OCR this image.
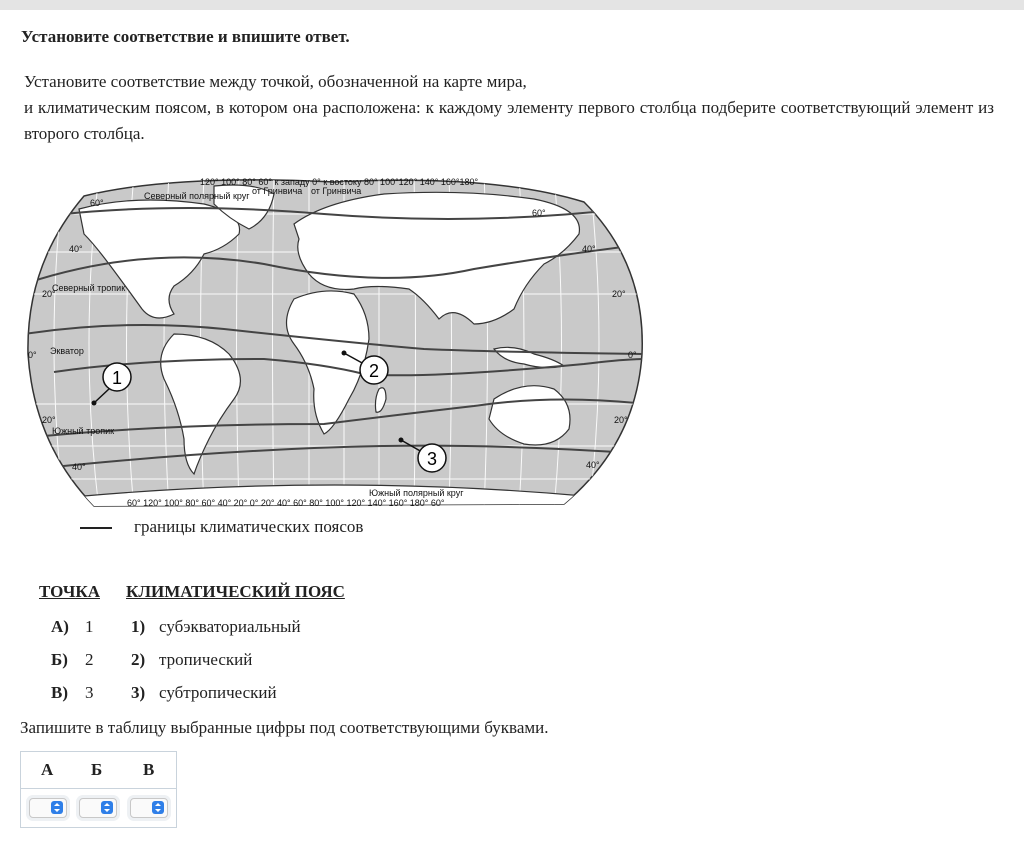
Установите соответствие и впишите ответ.

Установите соответствие между точкой, обозначенной на карте мира,

и климатическим поясом, в котором она расположена: к каждому элементу первого столбца подберите соответствующий элемент из второго столбца.

120° 100° 80° 60° к западу 0° к востоку 80° 100°120° 140° 160°180°
от Гринвича от Гринвича
Северный полярный круг
Северный тропик
Экватор
Южный тропик
Южный полярный круг
60° 120° 100° 80° 60° 40° 20° 0° 20° 40° 60° 80° 100° 120° 140° 160° 180° 60°
60°
60°
40°	40°
20°	20°
0°	0°
20°	20°
40°	40°
1	2
3
границы климатических поясов
ТОЧКА КЛИМАТИЧЕСКИЙ ПОЯС
А) 1
Б) 2
В) 3
1) субэкваториальный
2) тропический
3) субтропический
Запишите в таблицу выбранные цифры под соответствующими буквами.
А Б В
